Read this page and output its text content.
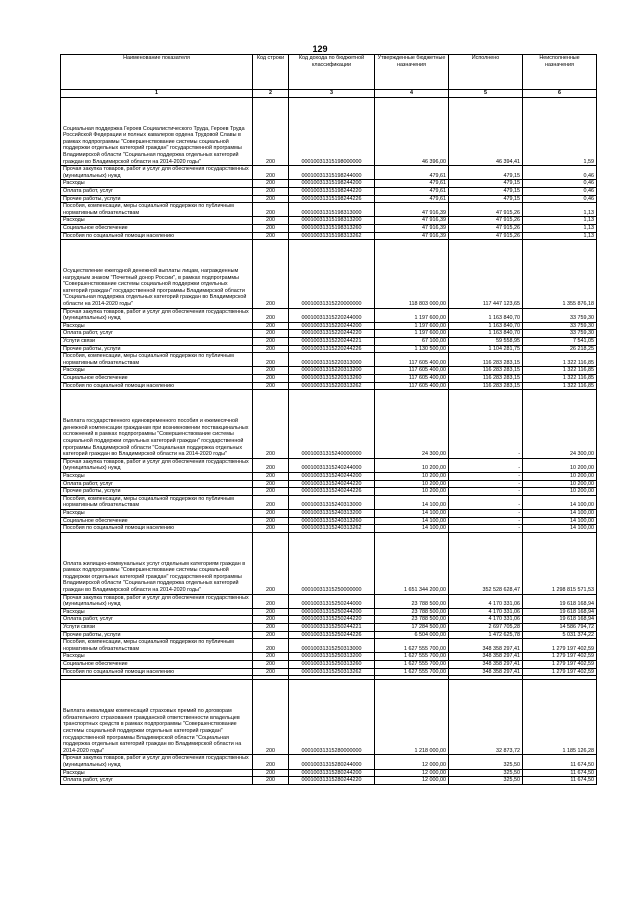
129
Наименование показателя	Код строки	Код дохода по бюджетной классификации	Утвержденные бюджетные назначения	Исполнено	Неисполненные назначения
1	2	3	4	5	6
Социальная поддержка Героев Социалистического Труда, Героев Труда Российской Федерации и полных кавалеров ордена Трудовой Славы в рамках подпрограммы "Совершенствование системы социальной поддержки отдельных категорий граждан" государственной программы Владимирской области "Социальная поддержка отдельных категорий граждан во Владимирской области на 2014-2020 годы"	200	00010031315198000000	46 396,00	46 394,41	1,59
Прочая закупка товаров, работ и услуг для обеспечения государственных (муниципальных) нужд	200	00010031315198244000	479,61	479,15	0,46
Расходы	200	00010031315198244200	479,61	479,15	0,46
Оплата работ, услуг	200	00010031315198244220	479,61	479,15	0,46
Прочие работы, услуги	200	00010031315198244226	479,61	479,15	0,46
Пособия, компенсации, меры социальной поддержки по публичным нормативным обязательствам	200	00010031315198313000	47 916,39	47 915,26	1,13
Расходы	200	00010031315198313200	47 916,39	47 915,26	1,13
Социальное обеспечение	200	00010031315198313260	47 916,39	47 915,26	1,13
Пособия по социальной помощи населению	200	00010031315198313262	47 916,39	47 915,26	1,13
Осуществление ежегодной денежной выплаты лицам, награжденным нагрудным знаком "Почетный донор России", в рамках подпрограммы "Совершенствование системы социальной поддержки отдельных категорий граждан" государственной программы Владимирской области "Социальная поддержка отдельных категорий граждан во Владимирской области на 2014-2020 годы"	200	00010031315220000000	118 803 000,00	117 447 123,65	1 355 876,18
Прочая закупка товаров, работ и услуг для обеспечения государственных (муниципальных) нужд	200	00010031315220244000	1 197 600,00	1 163 840,70	33 759,30
Расходы	200	00010031315220244200	1 197 600,00	1 163 840,70	33 759,30
Оплата работ, услуг	200	00010031315220244220	1 197 600,00	1 163 840,70	33 759,30
Услуги связи	200	00010031315220244221	67 100,00	59 558,95	7 541,05
Прочие работы, услуги	200	00010031315220244226	1 130 500,00	1 104 281,75	26 218,25
Пособия, компенсации, меры социальной поддержки по публичным нормативным обязательствам	200	00010031315220313000	117 605 400,00	116 283 283,15	1 322 116,85
Расходы	200	00010031315220313200	117 605 400,00	116 283 283,15	1 322 116,85
Социальное обеспечение	200	00010031315220313260	117 605 400,00	116 283 283,15	1 322 116,85
Пособия по социальной помощи населению	200	00010031315220313262	117 605 400,00	116 283 283,15	1 322 116,85
Выплата государственного единовременного пособия и ежемесячной денежной компенсации гражданам при возникновении поствакцинальных осложнений в рамках подпрограммы "Совершенствование системы социальной поддержки отдельных категорий граждан" государственной программы Владимирской области "Социальная поддержка отдельных категорий граждан во Владимирской области на 2014-2020 годы"	200	00010031315240000000	24 300,00	-	24 300,00
Прочая закупка товаров, работ и услуг для обеспечения государственных (муниципальных) нужд	200	00010031315240244000	10 200,00	-	10 200,00
Расходы	200	00010031315240244200	10 200,00	-	10 200,00
Оплата работ, услуг	200	00010031315240244220	10 200,00	-	10 200,00
Прочие работы, услуги	200	00010031315240244226	10 200,00	-	10 200,00
Пособия, компенсации, меры социальной поддержки по публичным нормативным обязательствам	200	00010031315240313000	14 100,00	-	14 100,00
Расходы	200	00010031315240313200	14 100,00	-	14 100,00
Социальное обеспечение	200	00010031315240313260	14 100,00	-	14 100,00
Пособия по социальной помощи населению	200	00010031315240313262	14 100,00	-	14 100,00
Оплата жилищно-коммунальных услуг отдельным категориям граждан в рамках подпрограммы "Совершенствование системы социальной поддержки отдельных категорий граждан" государственной программы Владимирской области "Социальная поддержка отдельных категорий граждан во Владимирской области на 2014-2020 годы"	200	00010031315250000000	1 651 344 200,00	352 528 628,47	1 298 815 571,53
Прочая закупка товаров, работ и услуг для обеспечения государственных (муниципальных) нужд	200	00010031315250244000	23 788 500,00	4 170 331,06	19 618 168,94
Расходы	200	00010031315250244200	23 788 500,00	4 170 331,06	19 618 168,94
Оплата работ, услуг	200	00010031315250244220	23 788 500,00	4 170 331,06	19 618 168,94
Услуги связи	200	00010031315250244221	17 284 500,00	2 697 705,28	14 586 794,72
Прочие работы, услуги	200	00010031315250244226	6 504 000,00	1 472 625,78	5 031 374,22
Пособия, компенсации, меры социальной поддержки по публичным нормативным обязательствам	200	00010031315250313000	1 627 555 700,00	348 358 297,41	1 279 197 402,59
Расходы	200	00010031315250313200	1 627 555 700,00	348 358 297,41	1 279 197 402,59
Социальное обеспечение	200	00010031315250313260	1 627 555 700,00	348 358 297,41	1 279 197 402,59
Пособия по социальной помощи населению	200	00010031315250313262	1 627 555 700,00	348 358 297,41	1 279 197 402,59

Выплата инвалидам компенсаций страховых премий по договорам обязательного страхования гражданской ответственности владельцев транспортных средств в рамках подпрограммы "Совершенствование системы социальной поддержки отдельных категорий граждан" государственной программы Владимирской области "Социальная поддержка отдельных категорий граждан во Владимирской области на 2014-2020 годы"	200	00010031315280000000	1 218 000,00	32 873,72	1 185 126,28
Прочая закупка товаров, работ и услуг для обеспечения государственных (муниципальных) нужд	200	00010031315280244000	12 000,00	325,50	11 674,50
Расходы	200	00010031315280244200	12 000,00	325,50	11 674,50
Оплата работ, услуг	200	00010031315280244220	12 000,00	325,50	11 674,50
